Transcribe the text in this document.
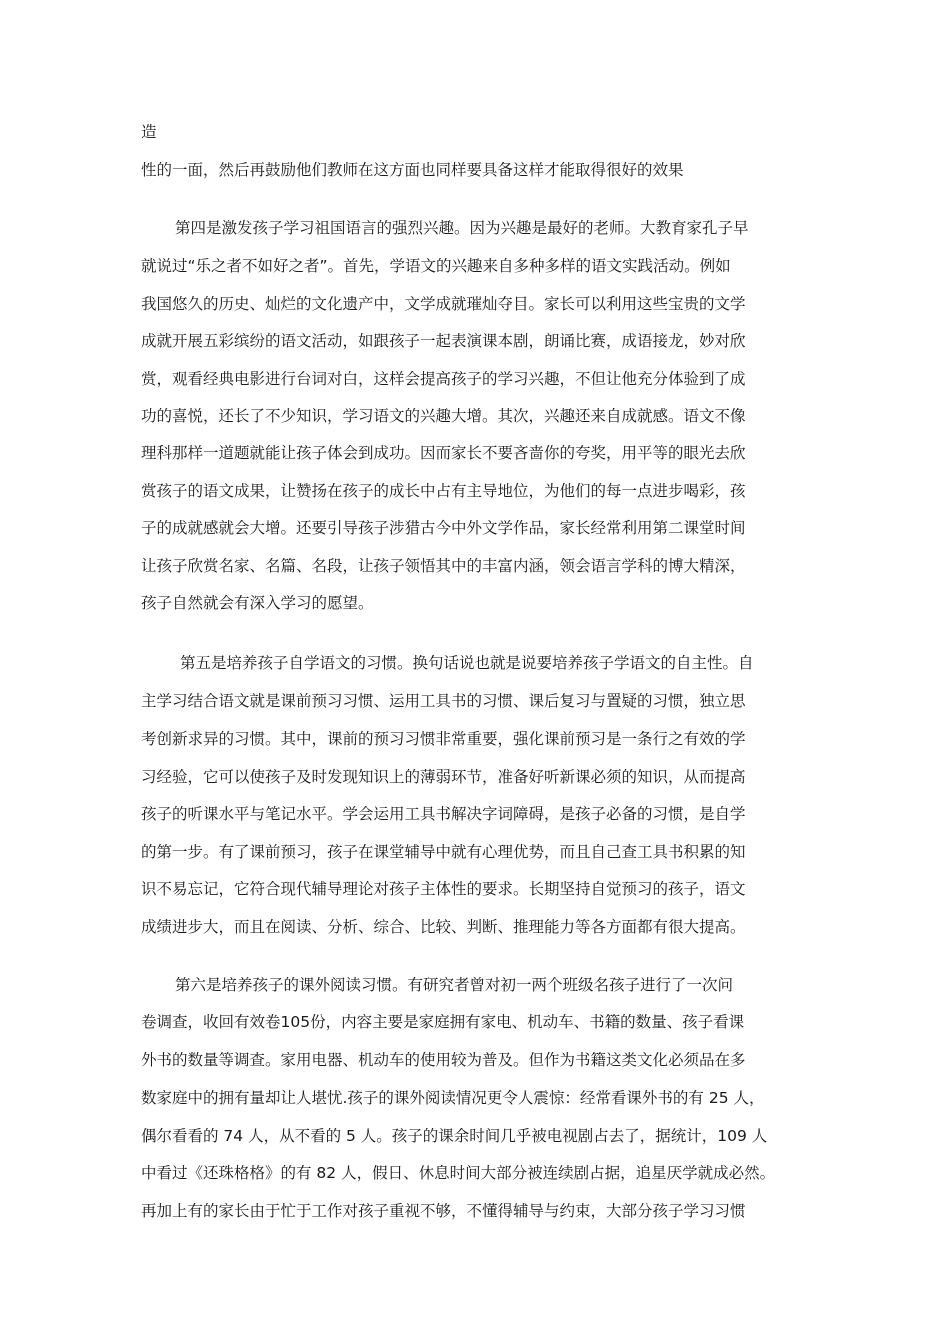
造
性的一面，然后再鼓励他们教师在这方面也同样要具备这样才能取得很好的效果
第四是激发孩子学习祖国语言的强烈兴趣。因为兴趣是最好的老师。大教育家孔子早
就说过“乐之者不如好之者”。首先，学语文的兴趣来自多种多样的语文实践活动。例如
我国悠久的历史、灿烂的文化遗产中，文学成就璀灿夺目。家长可以利用这些宝贵的文学
成就开展五彩缤纷的语文活动，如跟孩子一起表演课本剧，朗诵比赛，成语接龙，妙对欣
赏，观看经典电影进行台词对白，这样会提高孩子的学习兴趣，不但让他充分体验到了成
功的喜悦，还长了不少知识，学习语文的兴趣大增。其次，兴趣还来自成就感。语文不像
理科那样一道题就能让孩子体会到成功。因而家长不要吝啬你的夸奖，用平等的眼光去欣
赏孩子的语文成果，让赞扬在孩子的成长中占有主导地位，为他们的每一点进步喝彩，孩
子的成就感就会大增。还要引导孩子涉猎古今中外文学作品，家长经常利用第二课堂时间
让孩子欣赏名家、名篇、名段，让孩子领悟其中的丰富内涵，领会语言学科的博大精深，
孩子自然就会有深入学习的愿望。
第五是培养孩子自学语文的习惯。换句话说也就是说要培养孩子学语文的自主性。自
主学习结合语文就是课前预习习惯、运用工具书的习惯、课后复习与置疑的习惯，独立思
考创新求异的习惯。其中，课前的预习习惯非常重要，强化课前预习是一条行之有效的学
习经验，它可以使孩子及时发现知识上的薄弱环节，准备好听新课必须的知识，从而提高
孩子的听课水平与笔记水平。学会运用工具书解决字词障碍，是孩子必备的习惯，是自学
的第一步。有了课前预习，孩子在课堂辅导中就有心理优势，而且自己查工具书积累的知
识不易忘记，它符合现代辅导理论对孩子主体性的要求。长期坚持自觉预习的孩子，语文
成绩进步大，而且在阅读、分析、综合、比较、判断、推理能力等各方面都有很大提高。
第六是培养孩子的课外阅读习惯。有研究者曾对初一两个班级名孩子进行了一次问
卷调查，收回有效卷105份，内容主要是家庭拥有家电、机动车、书籍的数量、孩子看课
外书的数量等调查。家用电器、机动车的使用较为普及。但作为书籍这类文化必须品在多
数家庭中的拥有量却让人堪忧.孩子的课外阅读情况更令人震惊：经常看课外书的有 25 人，
偶尔看看的 74 人，从不看的 5 人。孩子的课余时间几乎被电视剧占去了，据统计，109 人
中看过《还珠格格》的有 82 人，假日、休息时间大部分被连续剧占据，追星厌学就成必然。
再加上有的家长由于忙于工作对孩子重视不够，不懂得辅导与约束，大部分孩子学习习惯
